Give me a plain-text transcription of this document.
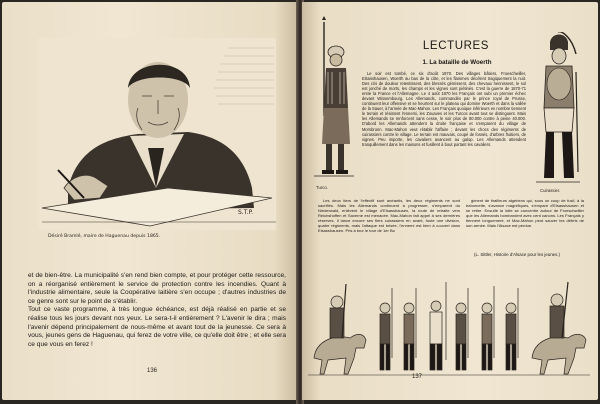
S.T.P.
Désiré Bramlé, maire de Haguenau depuis 1865.

et de bien-être. La municipalité s'en rend bien compte, et pour protéger cette ressource, on a réorganisé entièrement le service de protection contre les incendies. Quant à l'industrie alimentaire, seule la Coopérative laitière s'en occupe ; d'autres industries de ce genre sont sur le point de s'établir.

Tout ce vaste programme, à très longue échéance, est déjà réalisé en partie et se réalise tous les jours devant nos yeux. Le sera-t-il entièrement ? L'avenir le dira ; mais l'avenir dépend principalement de nous-même et avant tout de la jeunesse. Ce sera à vous, jeunes gens de Haguenau, qui ferez de votre ville, ce qu'elle doit être ; et elle sera ce que vous en ferez !

136
Turco.
LECTURES
1. La bataille de Woerth

Le soir est tombé, ce six d'août 1870. Des villages bâtiers, Froeschwiller, Elsasshausen, Woerth au bas de la côte, et les flammes décèlent tragiquement la nuit. Des cris de douleur retentissent, des blessés gémissent, des chevaux hennissent, le sol est jonché de morts, les champs et les vignes sont piétinés. C'est la guerre de 1870-71 entre la France et l'Allemagne. Le 4 août 1870 les Français ont subi un premier échec devant Wissembourg. Les Allemands, commandés par le prince royal de Prusse, continuent leur offensive et se heurtent sur le plateau qui domine Woerth et dans la vallée de la Sauer, à l'armée de Mac-Mahon. Les Français quoique inférieurs en nombre tiennent le terrain et résistent l'ennemi, les Zouaves et les Turcos avant tout se distinguent. Mais les Allemands se renforcent sans cesse, le soir plus de 80.000 contre à peine 40.000. D'abord les Allemands attendent la droite française et s'emparent du village de Morsbronn. Mac-Mahon veut rétablir l'affaire ; devant les chocs des régiments de cuirassiers contre le village. Le terrain est mauvais, coupé de fossés, d'arbres fruitiers, de vignes. Peu importe, les cavaliers avancent au galop. Les Allemands attendent tranquillement dans les maisons et fusillent à bout portant les cavaliers.

Cuirassier.

Les deux tiers de l'effectif sont anéantis, les deux régiments ne sont sacrifiés. Mais les Allemands continuent à progresser, s'emparent du Niederwald, enlèvent le village d'Elsasshausen, la route de retraite vers Reichshoffen et Saverne est menacée. Mac-Mahon fait appel à ses dernières réserves. Il lance encore ses fiers cuirassiers en avant, toute une division, quatre régiments, mais l'attaque est brisée, l'ennemi est bien à couvert dans Elsasshausen. Pris à tour le tour de 1er Bo

giment de tirailleurs algériens qui, sous un coup de fusil, à la baïonnette, s'avance magnifiques, s'empare d'Elsasshausen et se retire. Ensuite la lutte se concentre autour de Froeschwiller que les Allemands bombardent avec cent canons. Les Français y tiennent longuement, et Mac-Mahon peut sauver les débris de son armée. Mais l'Alsace est perdue.

(L. Sittler, Histoire d'Alsace pour les jeunes.)
137
